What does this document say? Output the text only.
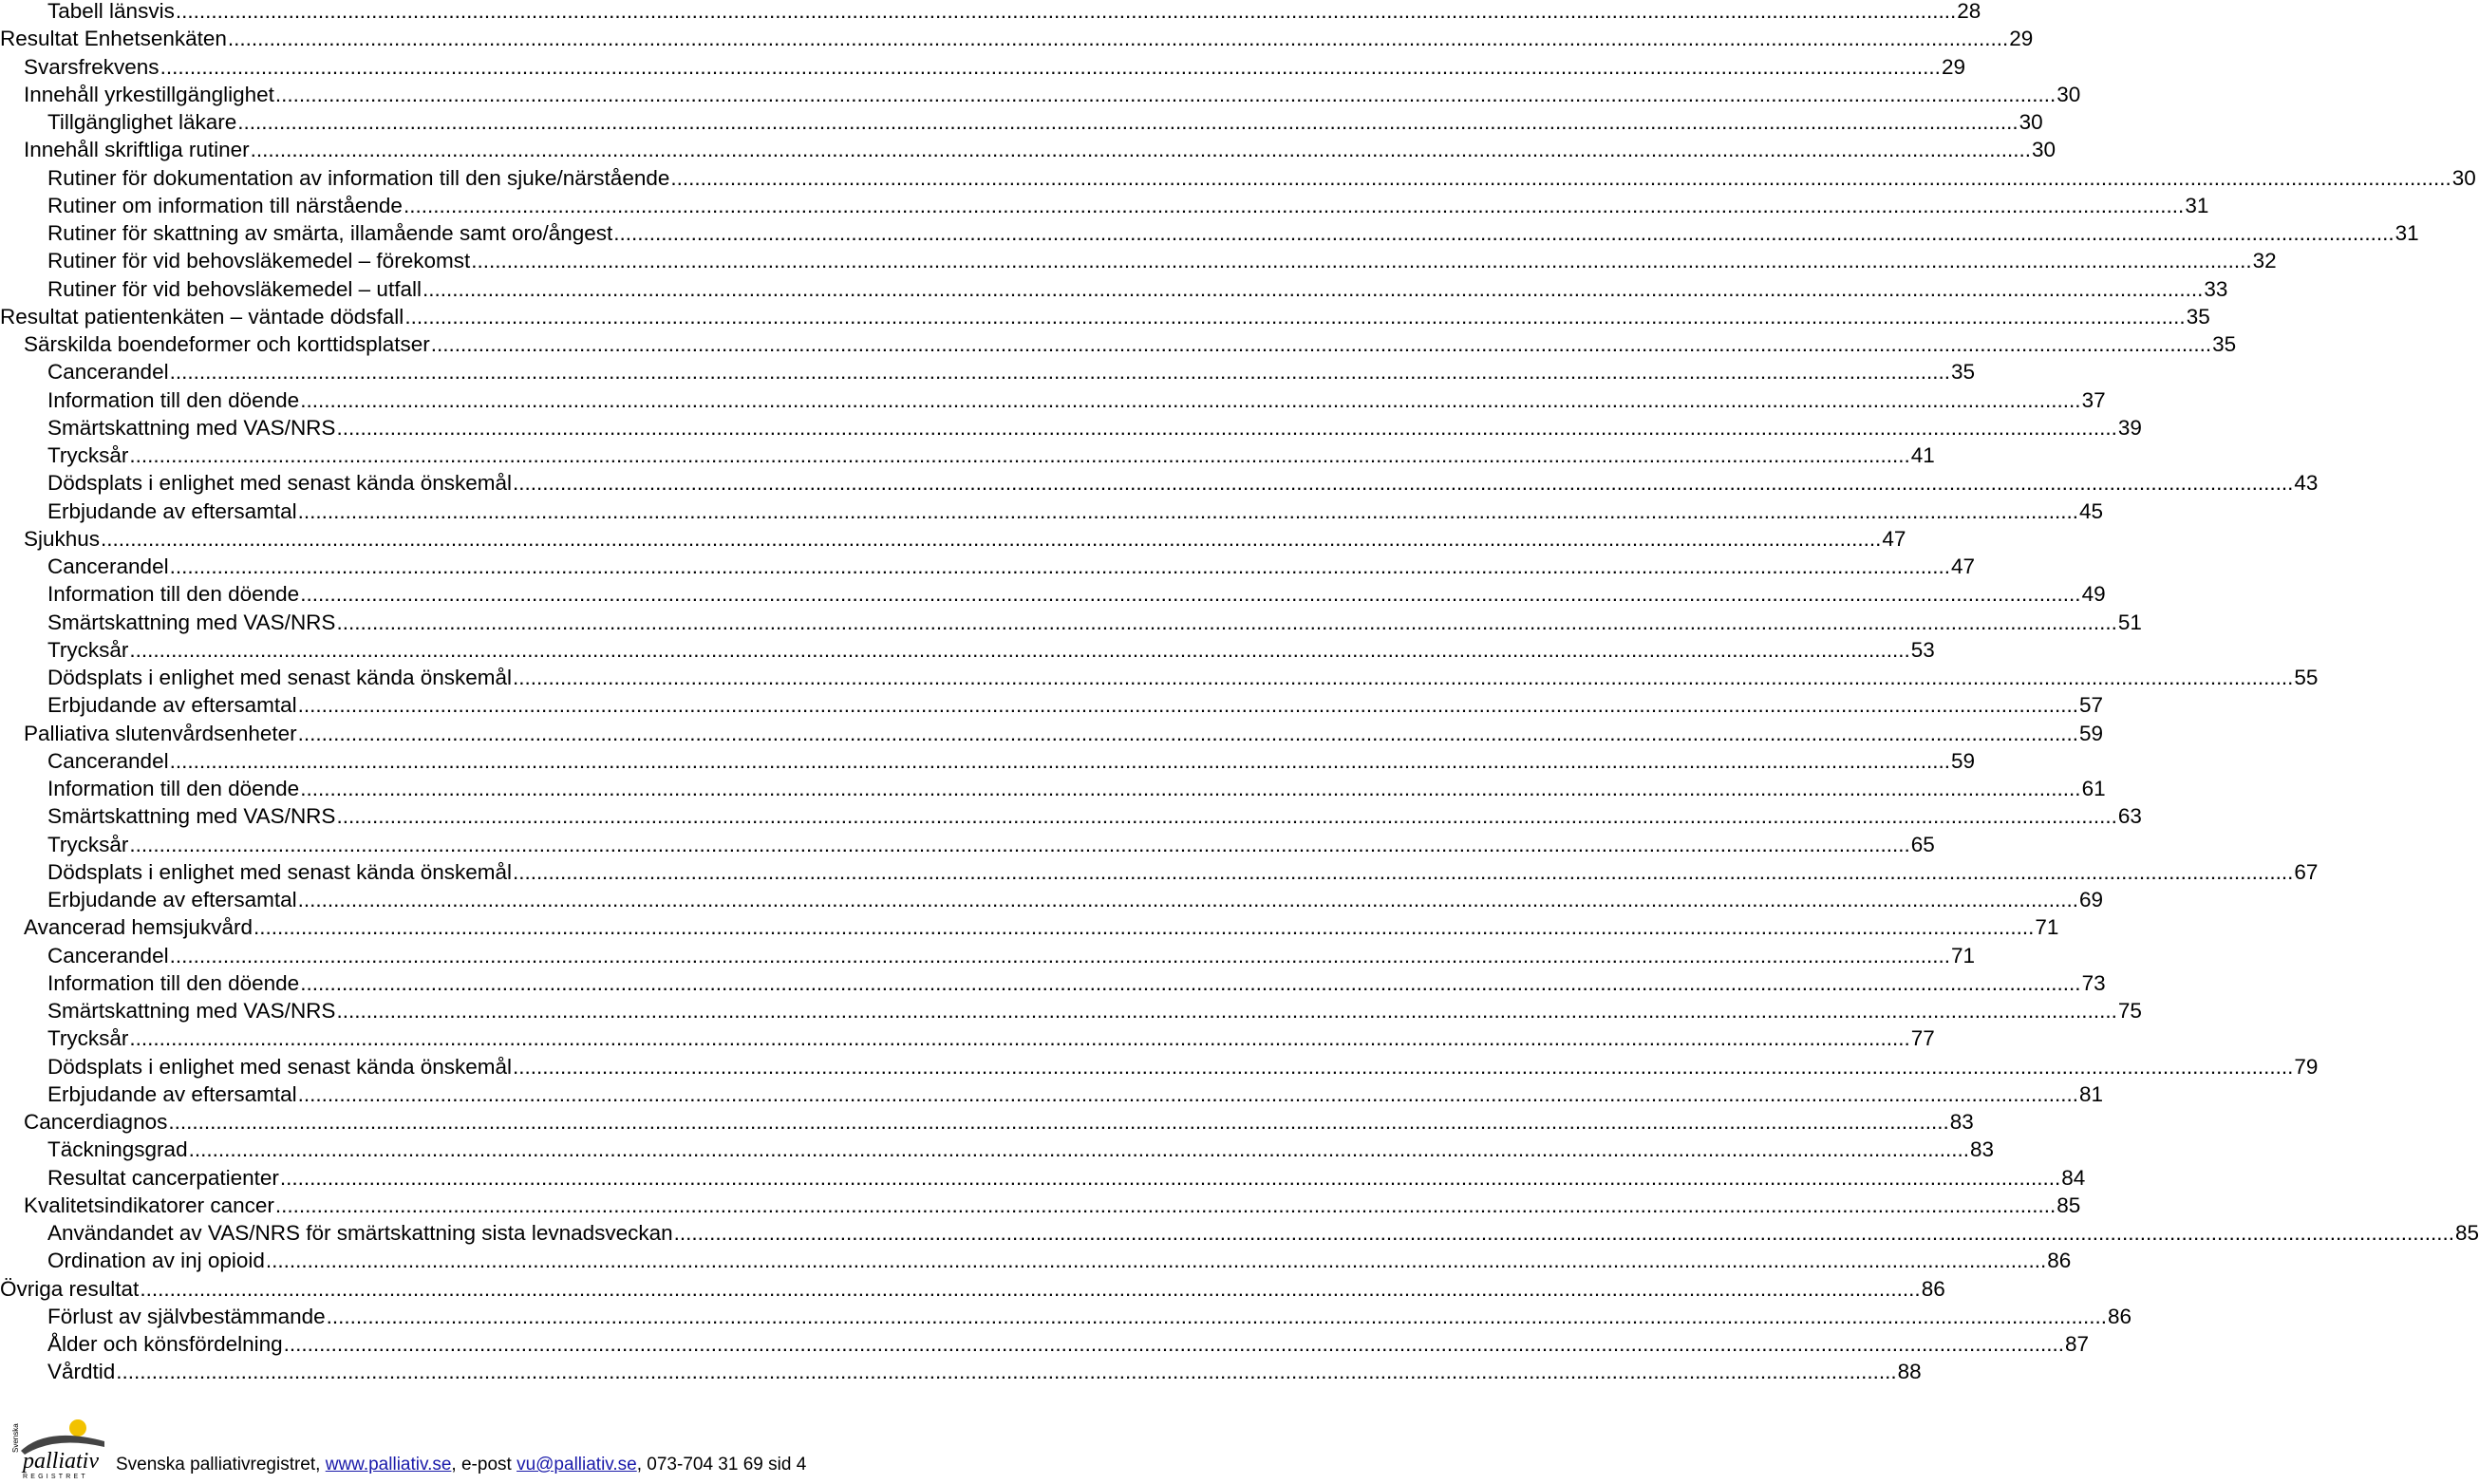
Tabell länsvis ............................................................................................................................................................................................................................................................................................................ 28
Resultat Enhetsenkäten ............................................................................................................................................................................................................................................................................................................ 29
Svarsfrekvens ............................................................................................................................................................................................................................................................................................................ 29
Innehåll yrkestillgänglighet ............................................................................................................................................................................................................................................................................................................ 30
Tillgänglighet läkare ............................................................................................................................................................................................................................................................................................................ 30
Innehåll skriftliga rutiner ............................................................................................................................................................................................................................................................................................................ 30
Rutiner för dokumentation av information till den sjuke/närstående ............................................................................................................................................................................................................................................................................................................ 30
Rutiner om information till närstående ............................................................................................................................................................................................................................................................................................................ 31
Rutiner för skattning av smärta, illamående samt oro/ångest ............................................................................................................................................................................................................................................................................................................ 31
Rutiner för vid behovsläkemedel – förekomst ............................................................................................................................................................................................................................................................................................................ 32
Rutiner för vid behovsläkemedel – utfall ............................................................................................................................................................................................................................................................................................................ 33
Resultat patientenkäten – väntade dödsfall ............................................................................................................................................................................................................................................................................................................ 35
Särskilda boendeformer och korttidsplatser ............................................................................................................................................................................................................................................................................................................ 35
Cancerandel ............................................................................................................................................................................................................................................................................................................ 35
Information till den döende ............................................................................................................................................................................................................................................................................................................ 37
Smärtskattning med VAS/NRS ............................................................................................................................................................................................................................................................................................................ 39
Trycksår ............................................................................................................................................................................................................................................................................................................ 41
Dödsplats i enlighet med senast kända önskemål ............................................................................................................................................................................................................................................................................................................ 43
Erbjudande av eftersamtal ............................................................................................................................................................................................................................................................................................................ 45
Sjukhus ............................................................................................................................................................................................................................................................................................................ 47
Cancerandel ............................................................................................................................................................................................................................................................................................................ 47
Information till den döende ............................................................................................................................................................................................................................................................................................................ 49
Smärtskattning med VAS/NRS ............................................................................................................................................................................................................................................................................................................ 51
Trycksår ............................................................................................................................................................................................................................................................................................................ 53
Dödsplats i enlighet med senast kända önskemål ............................................................................................................................................................................................................................................................................................................ 55
Erbjudande av eftersamtal ............................................................................................................................................................................................................................................................................................................ 57
Palliativa slutenvårdsenheter ............................................................................................................................................................................................................................................................................................................ 59
Cancerandel ............................................................................................................................................................................................................................................................................................................ 59
Information till den döende ............................................................................................................................................................................................................................................................................................................ 61
Smärtskattning med VAS/NRS ............................................................................................................................................................................................................................................................................................................ 63
Trycksår ............................................................................................................................................................................................................................................................................................................ 65
Dödsplats i enlighet med senast kända önskemål ............................................................................................................................................................................................................................................................................................................ 67
Erbjudande av eftersamtal ............................................................................................................................................................................................................................................................................................................ 69
Avancerad hemsjukvård ............................................................................................................................................................................................................................................................................................................ 71
Cancerandel ............................................................................................................................................................................................................................................................................................................ 71
Information till den döende ............................................................................................................................................................................................................................................................................................................ 73
Smärtskattning med VAS/NRS ............................................................................................................................................................................................................................................................................................................ 75
Trycksår ............................................................................................................................................................................................................................................................................................................ 77
Dödsplats i enlighet med senast kända önskemål ............................................................................................................................................................................................................................................................................................................ 79
Erbjudande av eftersamtal ............................................................................................................................................................................................................................................................................................................ 81
Cancerdiagnos ............................................................................................................................................................................................................................................................................................................ 83
Täckningsgrad ............................................................................................................................................................................................................................................................................................................ 83
Resultat cancerpatienter ............................................................................................................................................................................................................................................................................................................ 84
Kvalitetsindikatorer cancer ............................................................................................................................................................................................................................................................................................................ 85
Användandet av VAS/NRS för smärtskattning sista levnadsveckan ............................................................................................................................................................................................................................................................................................................ 85
Ordination av inj opioid ............................................................................................................................................................................................................................................................................................................ 86
Övriga resultat ............................................................................................................................................................................................................................................................................................................ 86
Förlust av självbestämmande ............................................................................................................................................................................................................................................................................................................ 86
Ålder och könsfördelning ............................................................................................................................................................................................................................................................................................................ 87
Vårdtid ............................................................................................................................................................................................................................................................................................................ 88
Svenska
palliativ
REGISTRET
Svenska palliativregistret, www.palliativ.se, e-post vu@palliativ.se, 073-704 31 69 sid 4
